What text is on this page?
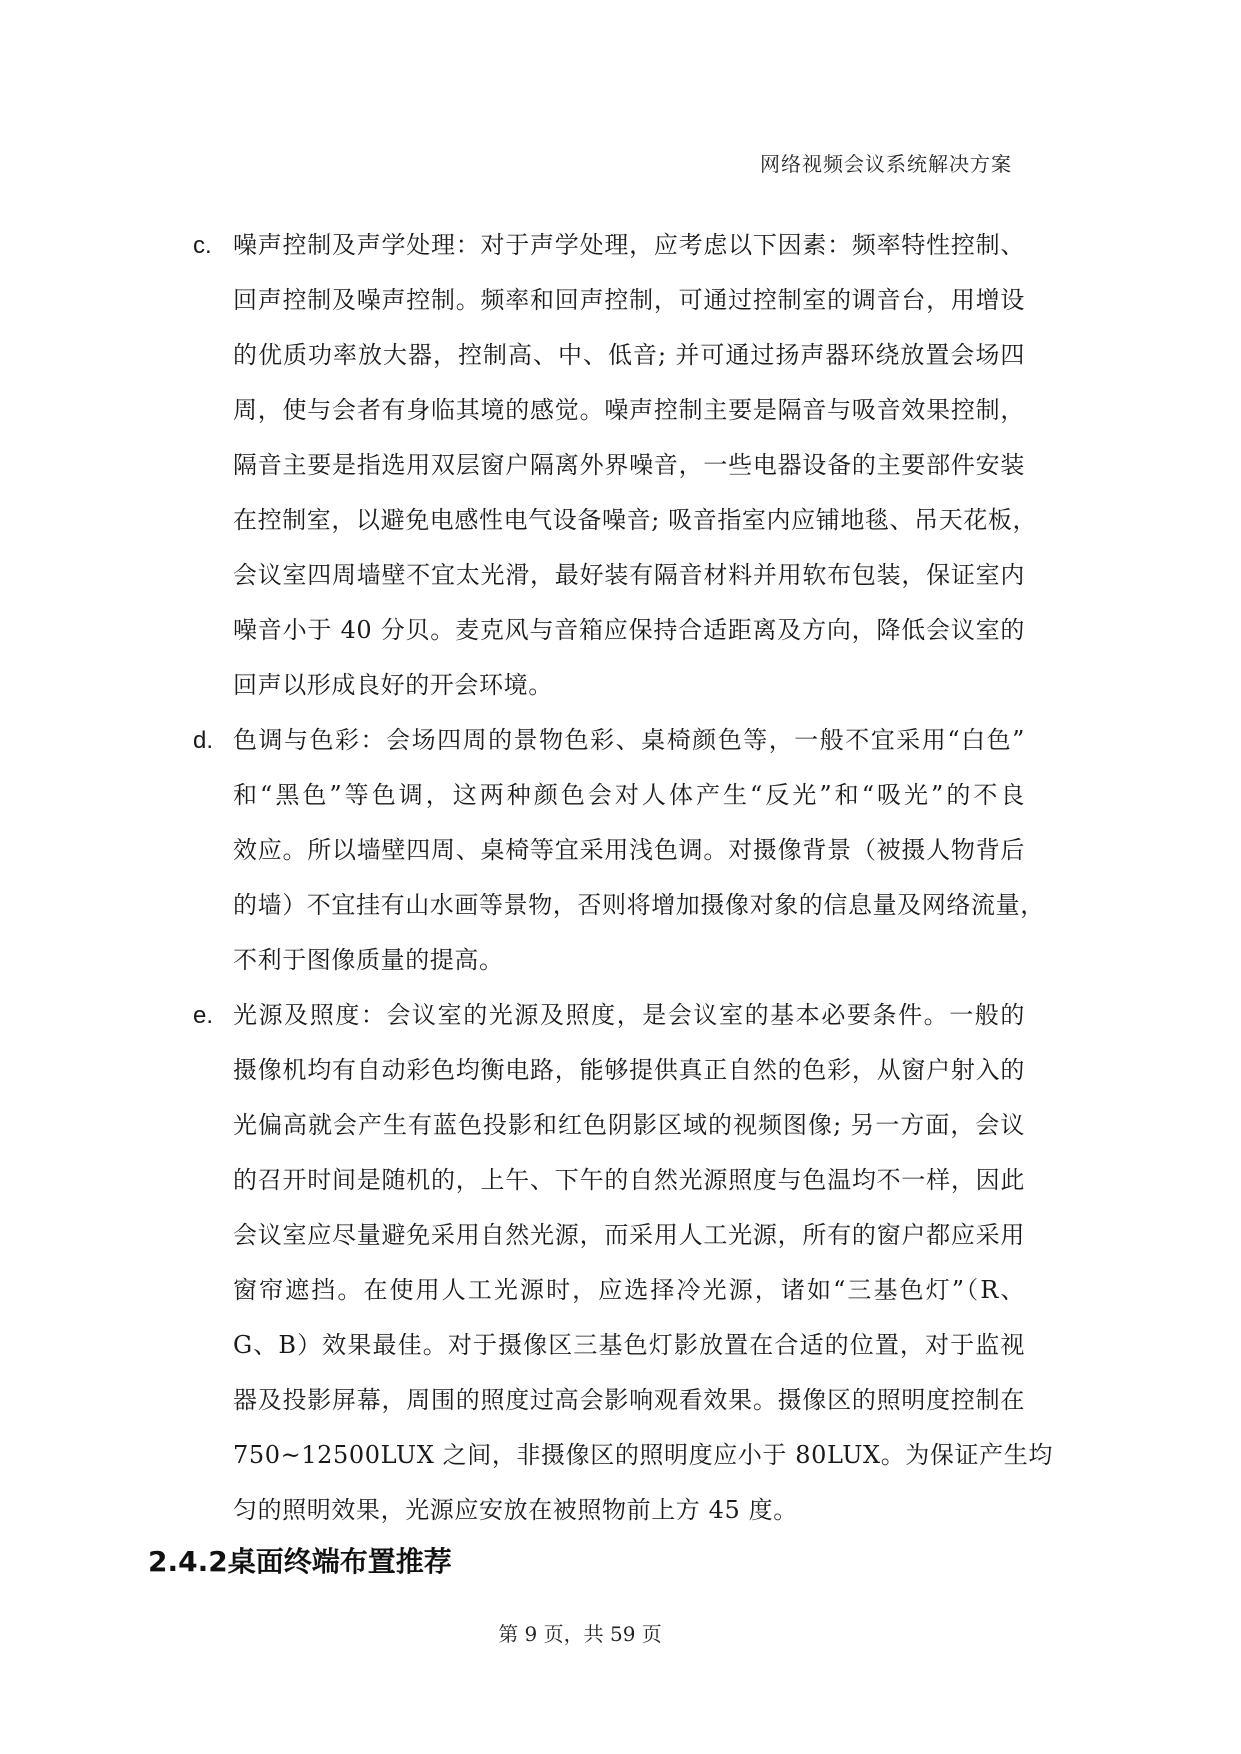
网络视频会议系统解决方案
c. 噪声控制及声学处理：对于声学处理，应考虑以下因素：频率特性控制、
回声控制及噪声控制。频率和回声控制，可通过控制室的调音台，用增设
的优质功率放大器，控制高、中、低音; 并可通过扬声器环绕放置会场四
周，使与会者有身临其境的感觉。噪声控制主要是隔音与吸音效果控制，
隔音主要是指选用双层窗户隔离外界噪音，一些电器设备的主要部件安装
在控制室，以避免电感性电气设备噪音; 吸音指室内应铺地毯、吊天花板，
会议室四周墙壁不宜太光滑，最好装有隔音材料并用软布包装，保证室内
噪音小于 40 分贝。麦克风与音箱应保持合适距离及方向，降低会议室的
回声以形成良好的开会环境。
d. 色调与色彩：会场四周的景物色彩、桌椅颜色等，一般不宜采用“白色”
和“黑色”等色调，这两种颜色会对人体产生“反光”和“吸光”的不良
效应。所以墙壁四周、桌椅等宜采用浅色调。对摄像背景（被摄人物背后
的墙）不宜挂有山水画等景物，否则将增加摄像对象的信息量及网络流量，
不利于图像质量的提高。
e. 光源及照度：会议室的光源及照度，是会议室的基本必要条件。一般的
摄像机均有自动彩色均衡电路，能够提供真正自然的色彩，从窗户射入的
光偏高就会产生有蓝色投影和红色阴影区域的视频图像; 另一方面，会议
的召开时间是随机的，上午、下午的自然光源照度与色温均不一样，因此
会议室应尽量避免采用自然光源，而采用人工光源，所有的窗户都应采用
窗帘遮挡。在使用人工光源时，应选择冷光源，诸如“三基色灯”（R、
G、B）效果最佳。对于摄像区三基色灯影放置在合适的位置，对于监视
器及投影屏幕，周围的照度过高会影响观看效果。摄像区的照明度控制在
750~12500LUX 之间，非摄像区的照明度应小于 80LUX。为保证产生均
匀的照明效果，光源应安放在被照物前上方 45 度。
2.4.2桌面终端布置推荐
第 9 页，共 59 页
